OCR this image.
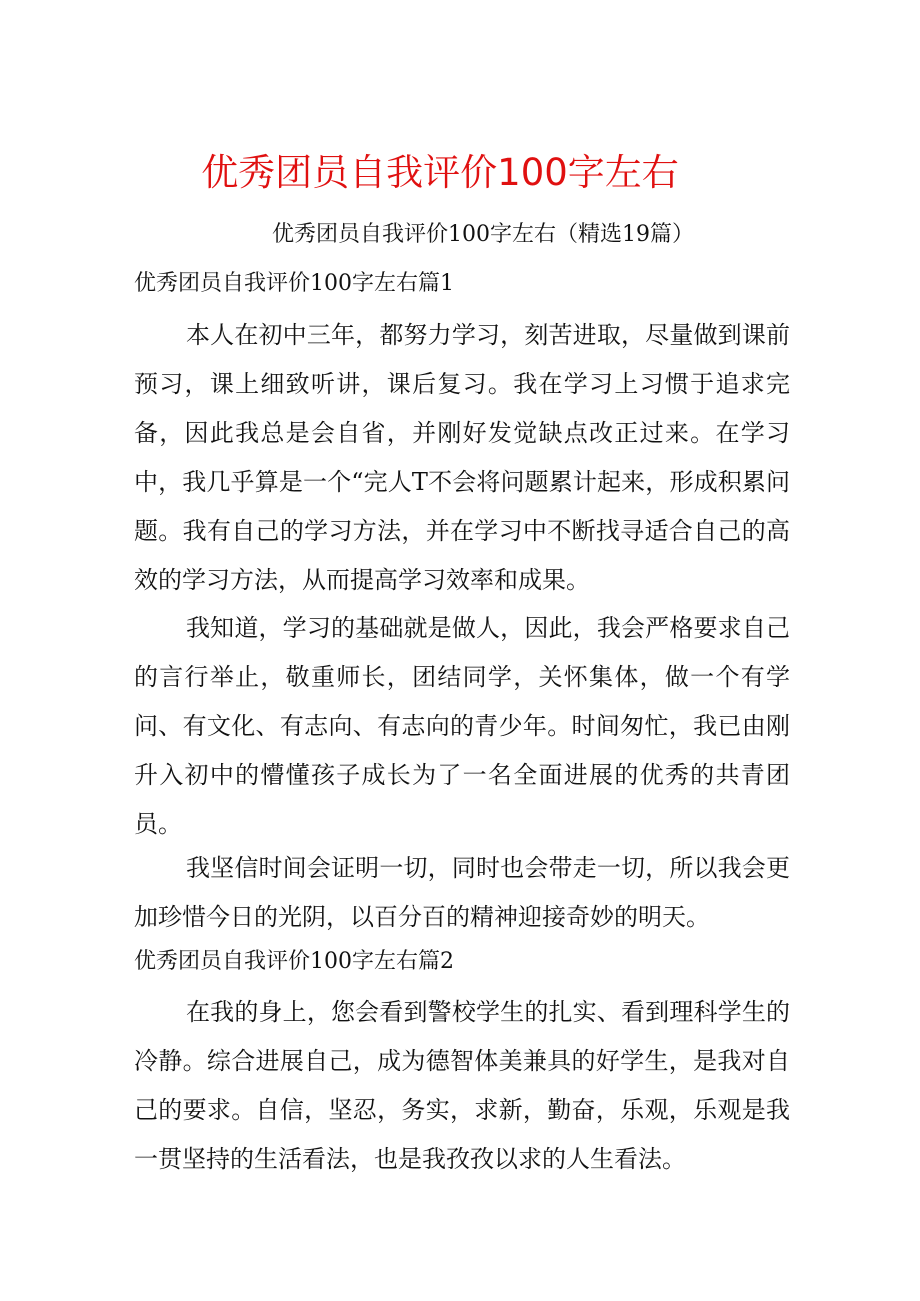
优秀团员自我评价100字左右
优秀团员自我评价100字左右（精选19篇）
优秀团员自我评价100字左右篇1

本人在初中三年，都努力学习，刻苦进取，尽量做到课前预习，课上细致听讲，课后复习。我在学习上习惯于追求完备，因此我总是会自省，并刚好发觉缺点改正过来。在学习中，我几乎算是一个“完人T不会将问题累计起来，形成积累问题。我有自己的学习方法，并在学习中不断找寻适合自己的高效的学习方法，从而提高学习效率和成果。

我知道，学习的基础就是做人，因此，我会严格要求自己的言行举止，敬重师长，团结同学，关怀集体，做一个有学问、有文化、有志向、有志向的青少年。时间匆忙，我已由刚升入初中的懵懂孩子成长为了一名全面进展的优秀的共青团员。

我坚信时间会证明一切，同时也会带走一切，所以我会更加珍惜今日的光阴，以百分百的精神迎接奇妙的明天。

优秀团员自我评价100字左右篇2

在我的身上，您会看到警校学生的扎实、看到理科学生的冷静。综合进展自己，成为德智体美兼具的好学生，是我对自己的要求。自信，坚忍，务实，求新，勤奋，乐观，乐观是我一贯坚持的生活看法，也是我孜孜以求的人生看法。
